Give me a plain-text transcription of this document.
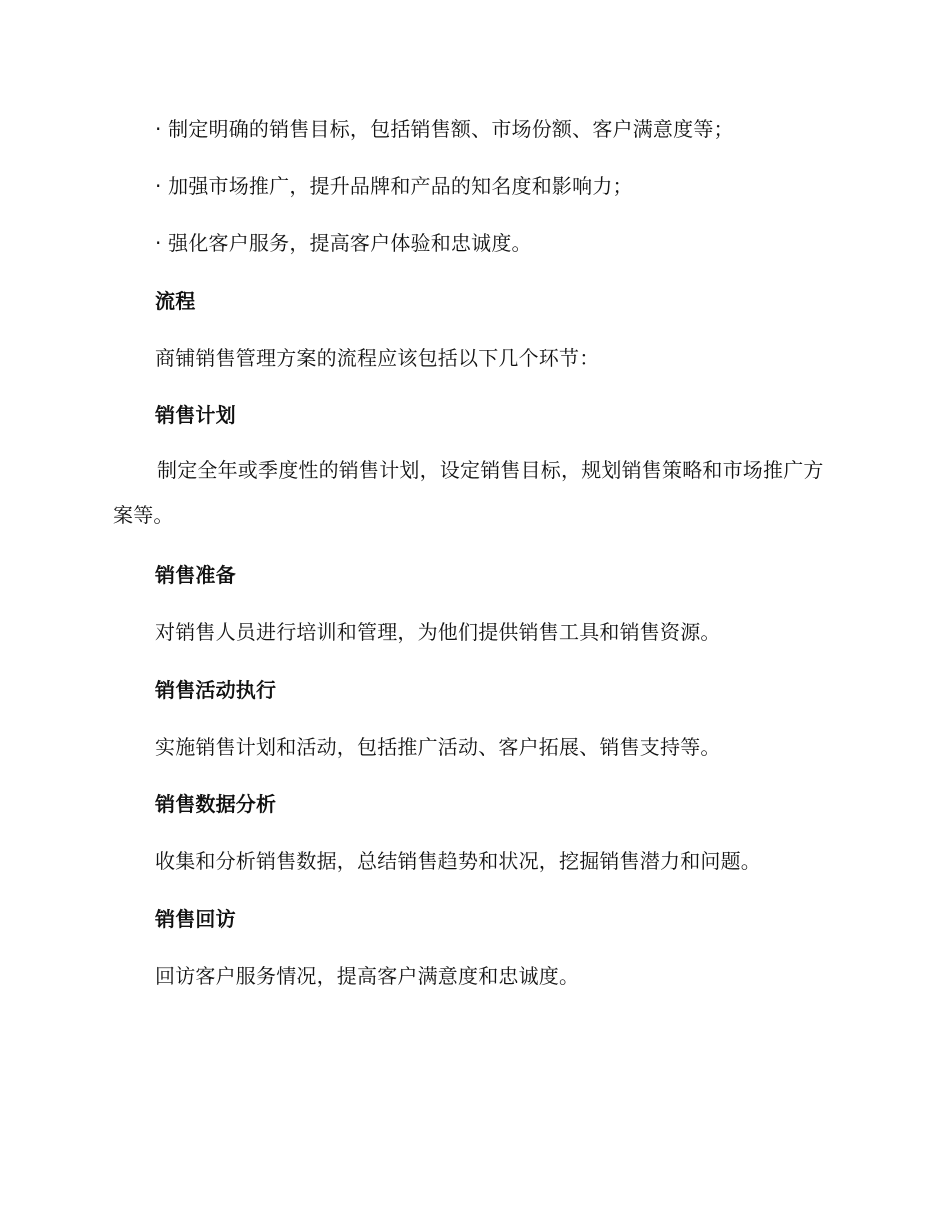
· 制定明确的销售目标，包括销售额、市场份额、客户满意度等；
· 加强市场推广，提升品牌和产品的知名度和影响力；
· 强化客户服务，提高客户体验和忠诚度。
流程
商铺销售管理方案的流程应该包括以下几个环节：
销售计划
制定全年或季度性的销售计划，设定销售目标，规划销售策略和市场推广方案等。
销售准备
对销售人员进行培训和管理，为他们提供销售工具和销售资源。
销售活动执行
实施销售计划和活动，包括推广活动、客户拓展、销售支持等。
销售数据分析
收集和分析销售数据，总结销售趋势和状况，挖掘销售潜力和问题。
销售回访
回访客户服务情况，提高客户满意度和忠诚度。
